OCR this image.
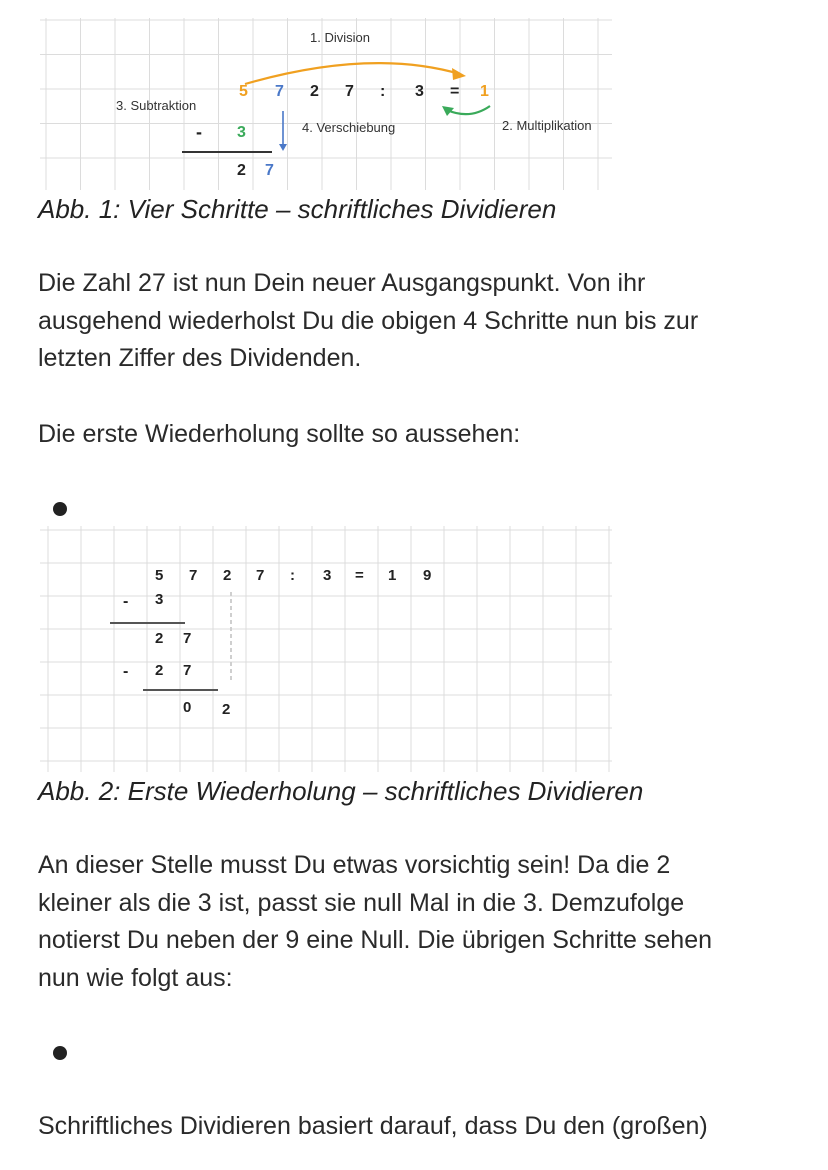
1. Division
3. Subtraktion
4. Verschiebung	2. Multiplikation
5 7 2 7 : 3 = 1
- 3
2 7
Abb. 1: Vier Schritte – schriftliches Dividieren

Die Zahl 27 ist nun Dein neuer Ausgangspunkt. Von ihr

ausgehend wiederholst Du die obigen 4 Schritte nun bis zur

letzten Ziffer des Dividenden.

Die erste Wiederholung sollte so aussehen:

5 7 2 7 : 3 = 1 9
- 3
2 7
- 2 7
0 2
Abb. 2: Erste Wiederholung – schriftliches Dividieren

An dieser Stelle musst Du etwas vorsichtig sein! Da die 2

kleiner als die 3 ist, passt sie null Mal in die 3. Demzufolge

notierst Du neben der 9 eine Null. Die übrigen Schritte sehen

nun wie folgt aus:

Schriftliches Dividieren basiert darauf, dass Du den (großen)
